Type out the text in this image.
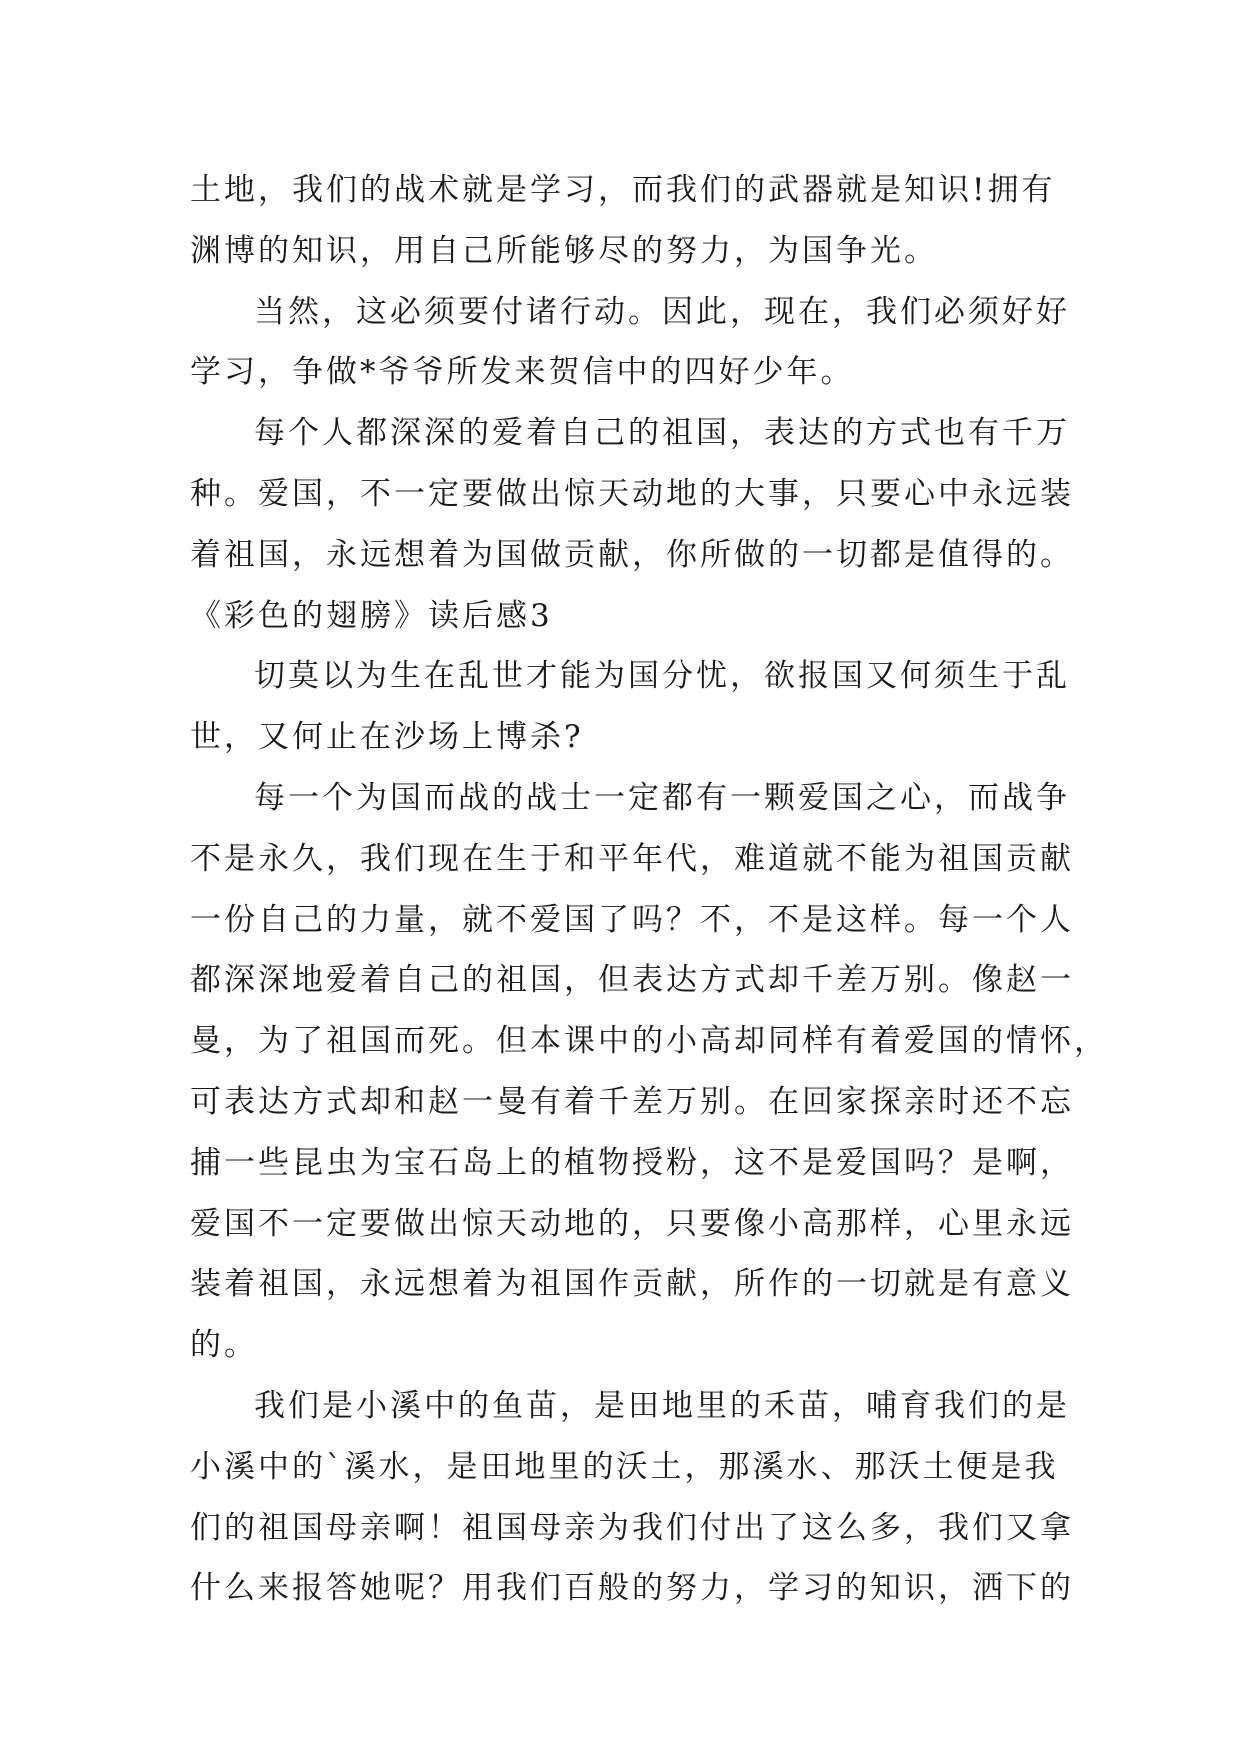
土地，我们的战术就是学习，而我们的武器就是知识!拥有
渊博的知识，用自己所能够尽的努力，为国争光。
当然，这必须要付诸行动。因此，现在，我们必须好好
学习，争做*爷爷所发来贺信中的四好少年。
每个人都深深的爱着自己的祖国，表达的方式也有千万
种。爱国，不一定要做出惊天动地的大事，只要心中永远装
着祖国，永远想着为国做贡献，你所做的一切都是值得的。
《彩色的翅膀》读后感3
切莫以为生在乱世才能为国分忧，欲报国又何须生于乱
世，又何止在沙场上博杀?
每一个为国而战的战士一定都有一颗爱国之心，而战争
不是永久，我们现在生于和平年代，难道就不能为祖国贡献
一份自己的力量，就不爱国了吗？不，不是这样。每一个人
都深深地爱着自己的祖国，但表达方式却千差万别。像赵一
曼，为了祖国而死。但本课中的小高却同样有着爱国的情怀，
可表达方式却和赵一曼有着千差万别。在回家探亲时还不忘
捕一些昆虫为宝石岛上的植物授粉，这不是爱国吗？是啊，
爱国不一定要做出惊天动地的，只要像小高那样，心里永远
装着祖国，永远想着为祖国作贡献，所作的一切就是有意义
的。
我们是小溪中的鱼苗，是田地里的禾苗，哺育我们的是
小溪中的`溪水，是田地里的沃土，那溪水、那沃土便是我
们的祖国母亲啊！祖国母亲为我们付出了这么多，我们又拿
什么来报答她呢？用我们百般的努力，学习的知识，洒下的
